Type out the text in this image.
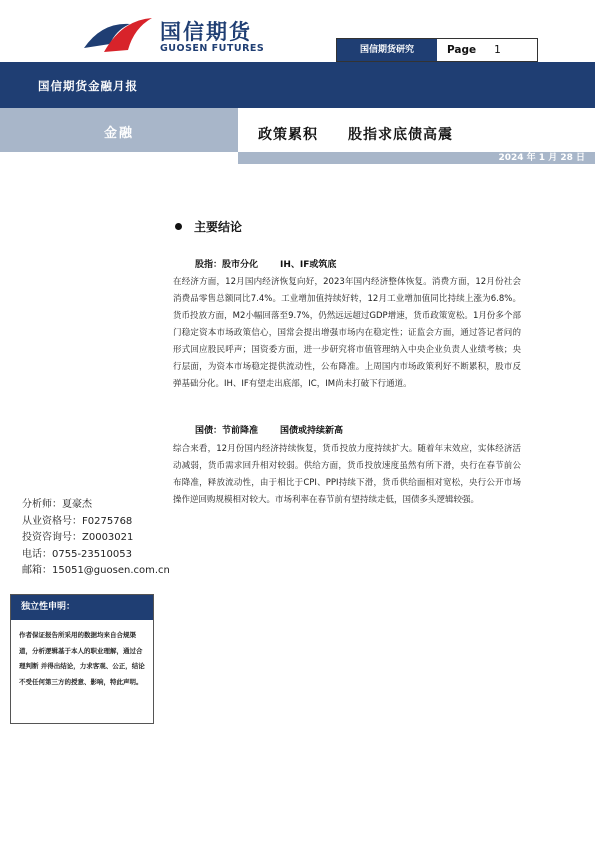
国信期货
GUOSEN FUTURES	国信期货研究	Page 1
国信期货金融月报
金融	政策累积 股指求底债高震
2024 年 1 月 28 日
主要结论
股指：股市分化 IH、IF或筑底
在经济方面，12月国内经济恢复向好，2023年国内经济整体恢复。消费方面，12月份社会消费品零售总额同比7.4%。工业增加值持续好转，12月工业增加值同比持续上涨为6.8%。货币投放方面，M2小幅回落至9.7%，仍然远远超过GDP增速，货币政策宽松。1月份多个部门稳定资本市场政策信心，国常会提出增强市场内在稳定性；证监会方面，通过答记者问的形式回应股民呼声；国资委方面，进一步研究将市值管理纳入中央企业负责人业绩考核；央行层面，为资本市场稳定提供流动性，公布降准。上周国内市场政策利好不断累积，股市反弹基础分化。IH、IF有望走出底部，IC，IM尚未打破下行通道。
国债：节前降准 国债或持续新高
综合来看，12月份国内经济持续恢复，货币投放力度持续扩大。随着年末效应，实体经济活动减弱，货币需求回升相对较弱。供给方面，货币投放速度虽然有所下滑，央行在春节前公布降准，释放流动性，由于相比于CPI、PPI持续下滑，货币供给面相对宽松，央行公开市场操作逆回购规模相对较大。市场利率在春节前有望持续走低，国债多头逻辑较强。
分析师：夏豪杰
从业资格号：F0275768
投资咨询号：Z0003021
电话：0755-23510053
邮箱：15051@guosen.com.cn
独立性申明：
作者保证报告所采用的数据均来自合规渠道，分析逻辑基于本人的职业理解，通过合理判断 并得出结论，力求客观、公正，结论不受任何第三方的授意、影响，特此声明。
